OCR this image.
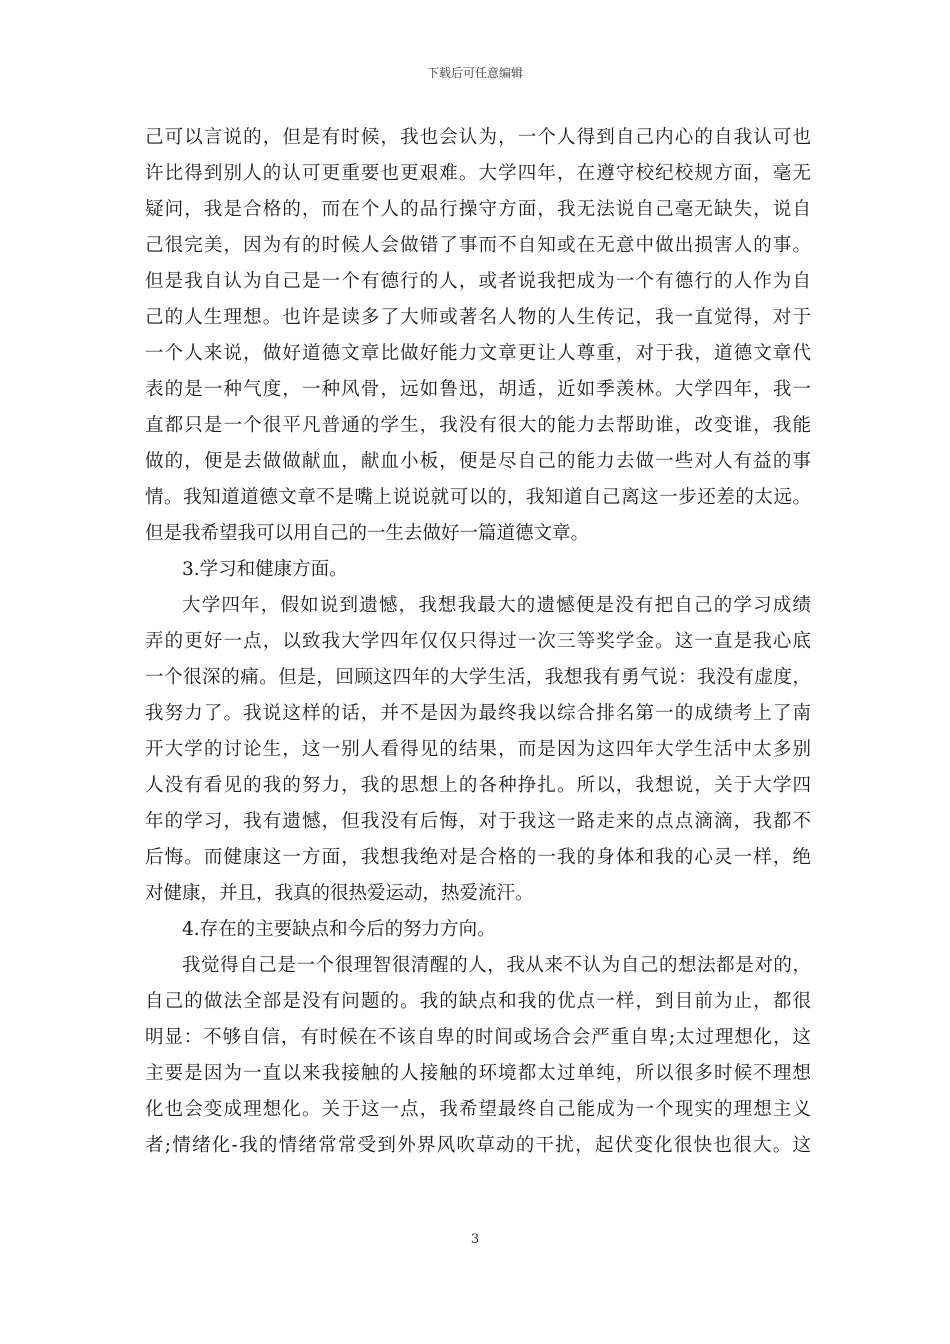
下载后可任意编辑
己可以言说的，但是有时候，我也会认为，一个人得到自己内心的自我认可也
许比得到别人的认可更重要也更艰难。大学四年，在遵守校纪校规方面，毫无
疑问，我是合格的，而在个人的品行操守方面，我无法说自己毫无缺失，说自
己很完美，因为有的时候人会做错了事而不自知或在无意中做出损害人的事。
但是我自认为自己是一个有德行的人，或者说我把成为一个有德行的人作为自
己的人生理想。也许是读多了大师或著名人物的人生传记，我一直觉得，对于
一个人来说，做好道德文章比做好能力文章更让人尊重，对于我，道德文章代
表的是一种气度，一种风骨，远如鲁迅，胡适，近如季羡林。大学四年，我一
直都只是一个很平凡普通的学生，我没有很大的能力去帮助谁，改变谁，我能
做的，便是去做做献血，献血小板，便是尽自己的能力去做一些对人有益的事
情。我知道道德文章不是嘴上说说就可以的，我知道自己离这一步还差的太远。
但是我希望我可以用自己的一生去做好一篇道德文章。
3.学习和健康方面。
大学四年，假如说到遗憾，我想我最大的遗憾便是没有把自己的学习成绩
弄的更好一点，以致我大学四年仅仅只得过一次三等奖学金。这一直是我心底
一个很深的痛。但是，回顾这四年的大学生活，我想我有勇气说：我没有虚度，
我努力了。我说这样的话，并不是因为最终我以综合排名第一的成绩考上了南
开大学的讨论生，这一别人看得见的结果，而是因为这四年大学生活中太多别
人没有看见的我的努力，我的思想上的各种挣扎。所以，我想说，关于大学四
年的学习，我有遗憾，但我没有后悔，对于我这一路走来的点点滴滴，我都不
后悔。而健康这一方面，我想我绝对是合格的一我的身体和我的心灵一样，绝
对健康，并且，我真的很热爱运动，热爱流汗。
4.存在的主要缺点和今后的努力方向。
我觉得自己是一个很理智很清醒的人，我从来不认为自己的想法都是对的，
自己的做法全部是没有问题的。我的缺点和我的优点一样，到目前为止，都很
明显：不够自信，有时候在不该自卑的时间或场合会严重自卑;太过理想化，这
主要是因为一直以来我接触的人接触的环境都太过单纯，所以很多时候不理想
化也会变成理想化。关于这一点，我希望最终自己能成为一个现实的理想主义
者;情绪化-我的情绪常常受到外界风吹草动的干扰，起伏变化很快也很大。这
3
